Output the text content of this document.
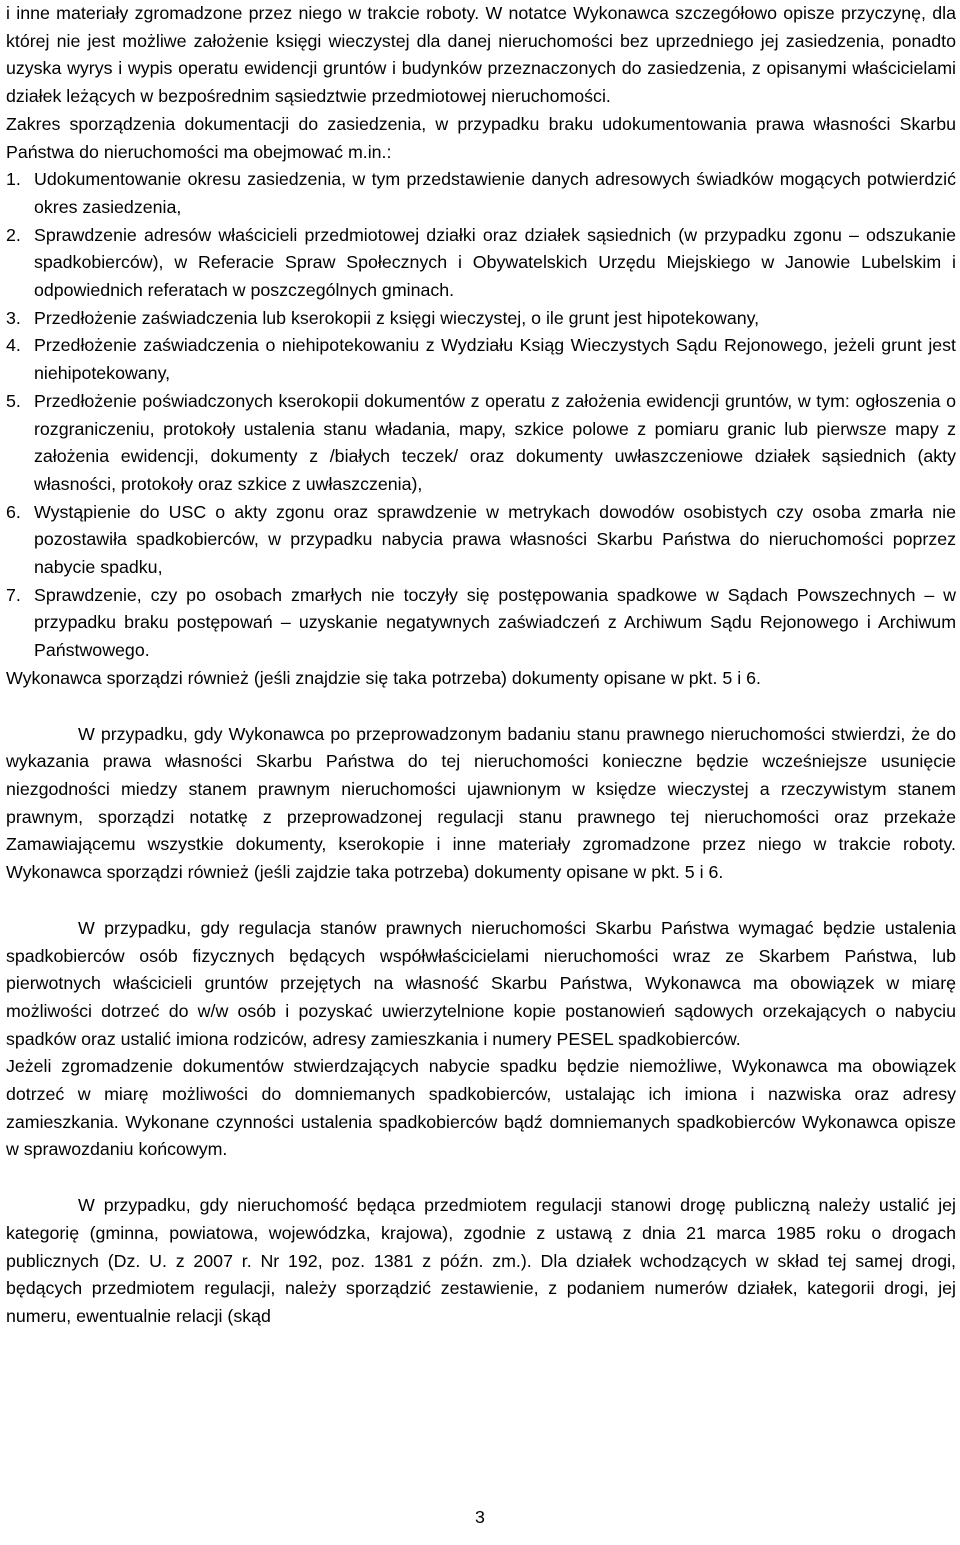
i inne materiały zgromadzone przez niego w trakcie roboty. W notatce Wykonawca szczegółowo opisze przyczynę, dla której nie jest możliwe założenie księgi wieczystej dla danej nieruchomości bez uprzedniego jej zasiedzenia, ponadto uzyska wyrys i wypis operatu ewidencji gruntów i budynków przeznaczonych do zasiedzenia, z opisanymi właścicielami działek leżących w bezpośrednim sąsiedztwie przedmiotowej nieruchomości.

Zakres sporządzenia dokumentacji do zasiedzenia, w przypadku braku udokumentowania prawa własności Skarbu Państwa do nieruchomości ma obejmować m.in.:

1. Udokumentowanie okresu zasiedzenia, w tym przedstawienie danych adresowych świadków mogących potwierdzić okres zasiedzenia,
2. Sprawdzenie adresów właścicieli przedmiotowej działki oraz działek sąsiednich (w przypadku zgonu – odszukanie spadkobierców), w Referacie Spraw Społecznych i Obywatelskich Urzędu Miejskiego w Janowie Lubelskim i odpowiednich referatach w poszczególnych gminach.
3. Przedłożenie zaświadczenia lub kserokopii z księgi wieczystej, o ile grunt jest hipotekowany,
4. Przedłożenie zaświadczenia o niehipotekowaniu z Wydziału Ksiąg Wieczystych Sądu Rejonowego, jeżeli grunt jest niehipotekowany,
5. Przedłożenie poświadczonych kserokopii dokumentów z operatu z założenia ewidencji gruntów, w tym: ogłoszenia o rozgraniczeniu, protokoły ustalenia stanu władania, mapy, szkice polowe z pomiaru granic lub pierwsze mapy z założenia ewidencji, dokumenty z /białych teczek/ oraz dokumenty uwłaszczeniowe działek sąsiednich (akty własności, protokoły oraz szkice z uwłaszczenia),
6. Wystąpienie do USC o akty zgonu oraz sprawdzenie w metrykach dowodów osobistych czy osoba zmarła nie pozostawiła spadkobierców, w przypadku nabycia prawa własności Skarbu Państwa do nieruchomości poprzez nabycie spadku,
7. Sprawdzenie, czy po osobach zmarłych nie toczyły się postępowania spadkowe w Sądach Powszechnych – w przypadku braku postępowań – uzyskanie negatywnych zaświadczeń z Archiwum Sądu Rejonowego i Archiwum Państwowego.

Wykonawca sporządzi również (jeśli znajdzie się taka potrzeba) dokumenty opisane w pkt. 5 i 6.

W przypadku, gdy Wykonawca po przeprowadzonym badaniu stanu prawnego nieruchomości stwierdzi, że do wykazania prawa własności Skarbu Państwa do tej nieruchomości konieczne będzie wcześniejsze usunięcie niezgodności miedzy stanem prawnym nieruchomości ujawnionym w księdze wieczystej a rzeczywistym stanem prawnym, sporządzi notatkę z przeprowadzonej regulacji stanu prawnego tej nieruchomości oraz przekaże Zamawiającemu wszystkie dokumenty, kserokopie i inne materiały zgromadzone przez niego w trakcie roboty. Wykonawca sporządzi również (jeśli zajdzie taka potrzeba) dokumenty opisane w pkt. 5 i 6.

W przypadku, gdy regulacja stanów prawnych nieruchomości Skarbu Państwa wymagać będzie ustalenia spadkobierców osób fizycznych będących współwłaścicielami nieruchomości wraz ze Skarbem Państwa, lub pierwotnych właścicieli gruntów przejętych na własność Skarbu Państwa, Wykonawca ma obowiązek w miarę możliwości dotrzeć do w/w osób i pozyskać uwierzytelnione kopie postanowień sądowych orzekających o nabyciu spadków oraz ustalić imiona rodziców, adresy zamieszkania i numery PESEL spadkobierców.

Jeżeli zgromadzenie dokumentów stwierdzających nabycie spadku będzie niemożliwe, Wykonawca ma obowiązek dotrzeć w miarę możliwości do domniemanych spadkobierców, ustalając ich imiona i nazwiska oraz adresy zamieszkania. Wykonane czynności ustalenia spadkobierców bądź domniemanych spadkobierców Wykonawca opisze w sprawozdaniu końcowym.

W przypadku, gdy nieruchomość będąca przedmiotem regulacji stanowi drogę publiczną należy ustalić jej kategorię (gminna, powiatowa, wojewódzka, krajowa), zgodnie z ustawą z dnia 21 marca 1985 roku o drogach publicznych (Dz. U. z 2007 r. Nr 192, poz. 1381 z późn. zm.). Dla działek wchodzących w skład tej samej drogi, będących przedmiotem regulacji, należy sporządzić zestawienie, z podaniem numerów działek, kategorii drogi, jej numeru, ewentualnie relacji (skąd

3
